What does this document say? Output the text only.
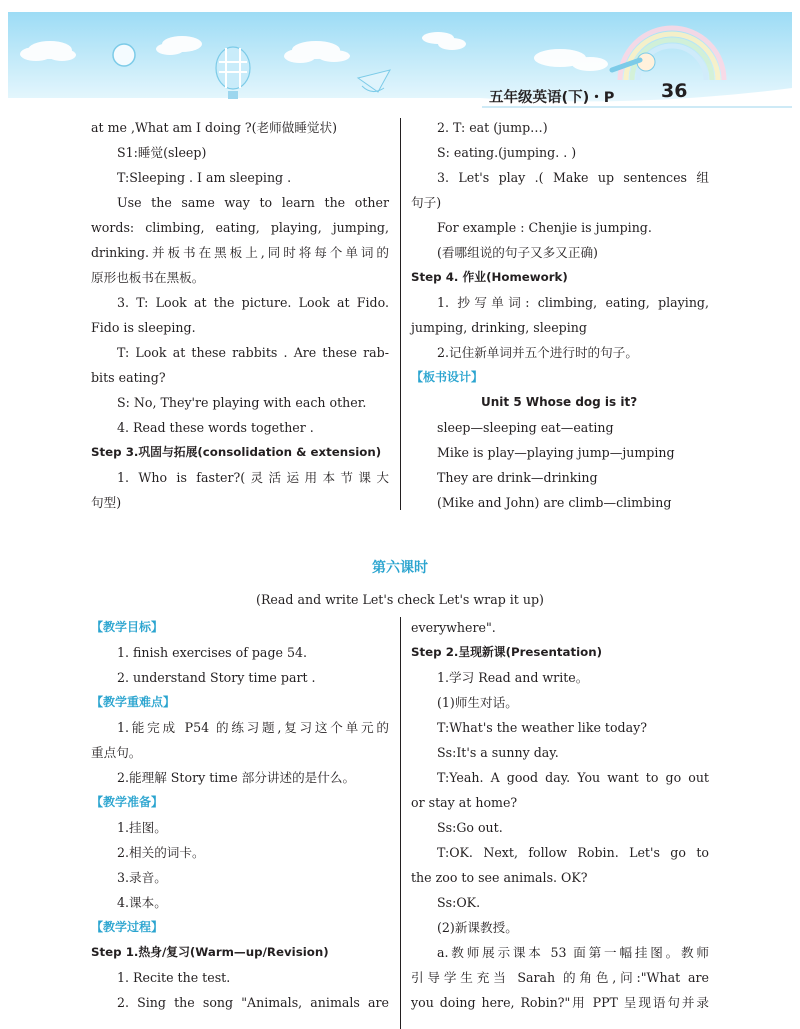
五年级英语(下)・P 36

at me ,What am I doing ?(老师做睡觉状)

S1:睡觉(sleep)

T:Sleeping . I am sleeping .

Use the same way to learn the other

words: climbing, eating, playing, jumping,

drinking.并板书在黑板上,同时将每个单词的

原形也板书在黑板。

3. T: Look at the picture. Look at Fido.

Fido is sleeping.

T: Look at these rabbits . Are these rab-

bits eating?

S: No, They're playing with each other.

4. Read these words together .

Step 3.巩固与拓展(consolidation & extension)

1. Who is faster?(灵活运用本节课大

句型)

2. T: eat (jump…)

S: eating.(jumping. . )

3. Let's play .( Make up sentences 组

句子)

For example : Chenjie is jumping.

(看哪组说的句子又多又正确)

Step 4. 作业(Homework)

1. 抄写单词: climbing, eating, playing,

jumping, drinking, sleeping

2.记住新单词并五个进行时的句子。

【板书设计】

Unit 5 Whose dog is it?

sleep—sleeping eat—eating

Mike is play—playing jump—jumping

They are drink—drinking

(Mike and John) are climb—climbing

第六课时
(Read and write Let's check Let's wrap it up)

【教学目标】

1. finish exercises of page 54.

2. understand Story time part .

【教学重难点】

1.能完成 P54 的练习题,复习这个单元的

重点句。

2.能理解 Story time 部分讲述的是什么。

【教学准备】

1.挂图。

2.相关的词卡。

3.录音。

4.课本。

【教学过程】

Step 1.热身/复习(Warm—up/Revision)

1. Recite the test.

2. Sing the song "Animals, animals are

everywhere".

Step 2.呈现新课(Presentation)

1.学习 Read and write。

(1)师生对话。

T:What's the weather like today?

Ss:It's a sunny day.

T:Yeah. A good day. You want to go out

or stay at home?

Ss:Go out.

T:OK. Next, follow Robin. Let's go to

the zoo to see animals. OK?

Ss:OK.

(2)新课教授。

a.教师展示课本 53 面第一幅挂图。教师

引导学生充当 Sarah 的角色,问:"What are

you doing here, Robin?"用 PPT 呈现语句并录
